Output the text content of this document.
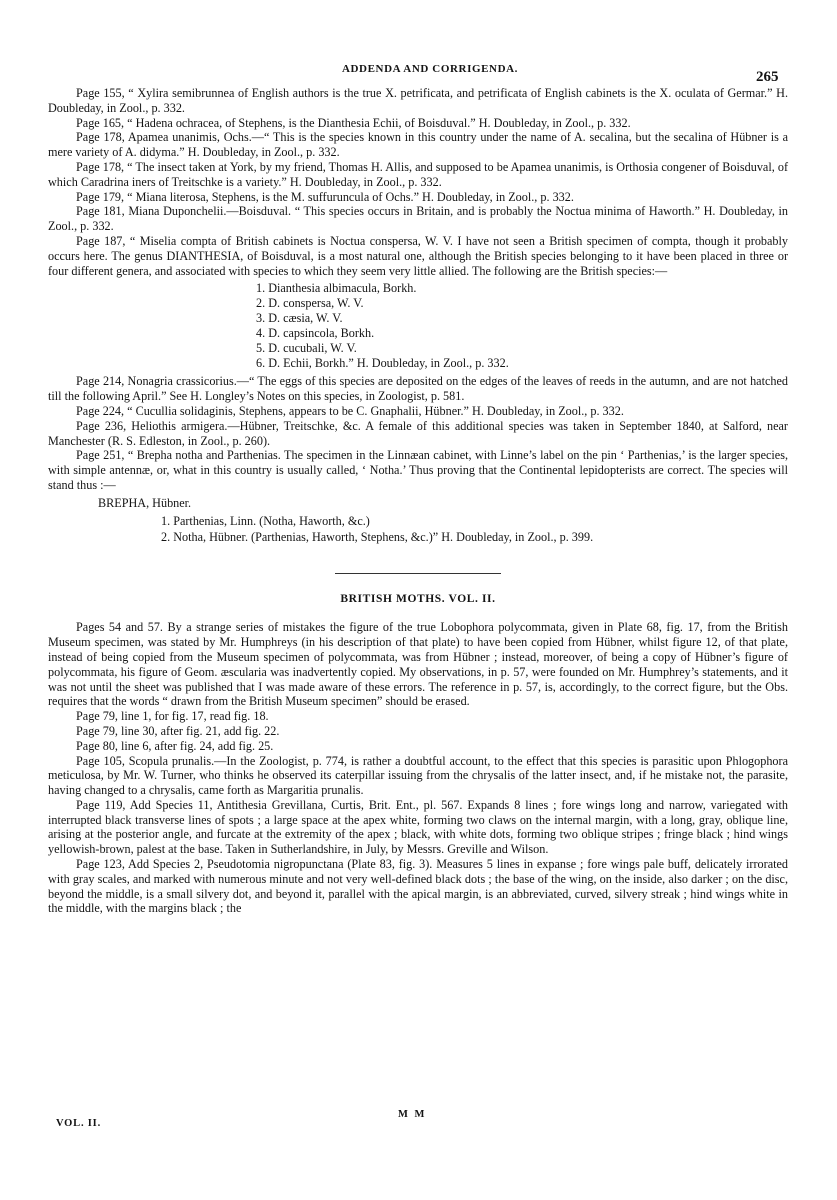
ADDENDA AND CORRIGENDA.	265

Page 155, “ Xylira semibrunnea of English authors is the true X. petrificata, and petrificata of English cabinets is the X. oculata of Germar.” H. Doubleday, in Zool., p. 332.

Page 165, “ Hadena ochracea, of Stephens, is the Dianthesia Echii, of Boisduval.” H. Doubleday, in Zool., p. 332.

Page 178, Apamea unanimis, Ochs.—“ This is the species known in this country under the name of A. secalina, but the secalina of Hübner is a mere variety of A. didyma.” H. Doubleday, in Zool., p. 332.

Page 178, “ The insect taken at York, by my friend, Thomas H. Allis, and supposed to be Apamea unanimis, is Orthosia congener of Boisduval, of which Caradrina iners of Treitschke is a variety.” H. Doubleday, in Zool., p. 332.

Page 179, “ Miana literosa, Stephens, is the M. suffuruncula of Ochs.” H. Doubleday, in Zool., p. 332.

Page 181, Miana Duponchelii.—Boisduval. “ This species occurs in Britain, and is probably the Noctua minima of Haworth.” H. Doubleday, in Zool., p. 332.

Page 187, “ Miselia compta of British cabinets is Noctua conspersa, W. V. I have not seen a British specimen of compta, though it probably occurs here. The genus DIANTHESIA, of Boisduval, is a most natural one, although the British species belonging to it have been placed in three or four different genera, and associated with species to which they seem very little allied. The following are the British species:—

1. Dianthesia albimacula, Borkh.
2. D. conspersa, W. V.
3. D. cæsia, W. V.
4. D. capsincola, Borkh.
5. D. cucubali, W. V.
6. D. Echii, Borkh.” H. Doubleday, in Zool., p. 332.

Page 214, Nonagria crassicorius.—“ The eggs of this species are deposited on the edges of the leaves of reeds in the autumn, and are not hatched till the following April.” See H. Longley’s Notes on this species, in Zoologist, p. 581.

Page 224, “ Cucullia solidaginis, Stephens, appears to be C. Gnaphalii, Hübner.” H. Doubleday, in Zool., p. 332.

Page 236, Heliothis armigera.—Hübner, Treitschke, &c. A female of this additional species was taken in September 1840, at Salford, near Manchester (R. S. Edleston, in Zool., p. 260).

Page 251, “ Brepha notha and Parthenias. The specimen in the Linnæan cabinet, with Linne’s label on the pin ‘ Parthenias,’ is the larger species, with simple antennæ, or, what in this country is usually called, ‘ Notha.’ Thus proving that the Continental lepidopterists are correct. The species will stand thus :—

BREPHA, Hübner.

1. Parthenias, Linn. (Notha, Haworth, &c.)
2. Notha, Hübner. (Parthenias, Haworth, Stephens, &c.)” H. Doubleday, in Zool., p. 399.
BRITISH MOTHS. VOL. II.

Pages 54 and 57. By a strange series of mistakes the figure of the true Lobophora polycommata, given in Plate 68, fig. 17, from the British Museum specimen, was stated by Mr. Humphreys (in his description of that plate) to have been copied from Hübner, whilst figure 12, of that plate, instead of being copied from the Museum specimen of polycommata, was from Hübner ; instead, moreover, of being a copy of Hübner’s figure of polycommata, his figure of Geom. æscularia was inadvertently copied. My observations, in p. 57, were founded on Mr. Humphrey’s statements, and it was not until the sheet was published that I was made aware of these errors. The reference in p. 57, is, accordingly, to the correct figure, but the Obs. requires that the words “ drawn from the British Museum specimen” should be erased.

Page 79, line 1, for fig. 17, read fig. 18.

Page 79, line 30, after fig. 21, add fig. 22.

Page 80, line 6, after fig. 24, add fig. 25.

Page 105, Scopula prunalis.—In the Zoologist, p. 774, is rather a doubtful account, to the effect that this species is parasitic upon Phlogophora meticulosa, by Mr. W. Turner, who thinks he observed its caterpillar issuing from the chrysalis of the latter insect, and, if he mistake not, the parasite, having changed to a chrysalis, came forth as Margaritia prunalis.

Page 119, Add Species 11, Antithesia Grevillana, Curtis, Brit. Ent., pl. 567. Expands 8 lines ; fore wings long and narrow, variegated with interrupted black transverse lines of spots ; a large space at the apex white, forming two claws on the internal margin, with a long, gray, oblique line, arising at the posterior angle, and furcate at the extremity of the apex ; black, with white dots, forming two oblique stripes ; fringe black ; hind wings yellowish-brown, palest at the base. Taken in Sutherlandshire, in July, by Messrs. Greville and Wilson.

Page 123, Add Species 2, Pseudotomia nigropunctana (Plate 83, fig. 3). Measures 5 lines in expanse ; fore wings pale buff, delicately irrorated with gray scales, and marked with numerous minute and not very well-defined black dots ; the base of the wing, on the inside, also darker ; on the disc, beyond the middle, is a small silvery dot, and beyond it, parallel with the apical margin, is an abbreviated, curved, silvery streak ; hind wings white in the middle, with the margins black ; the

M M
VOL. II.
